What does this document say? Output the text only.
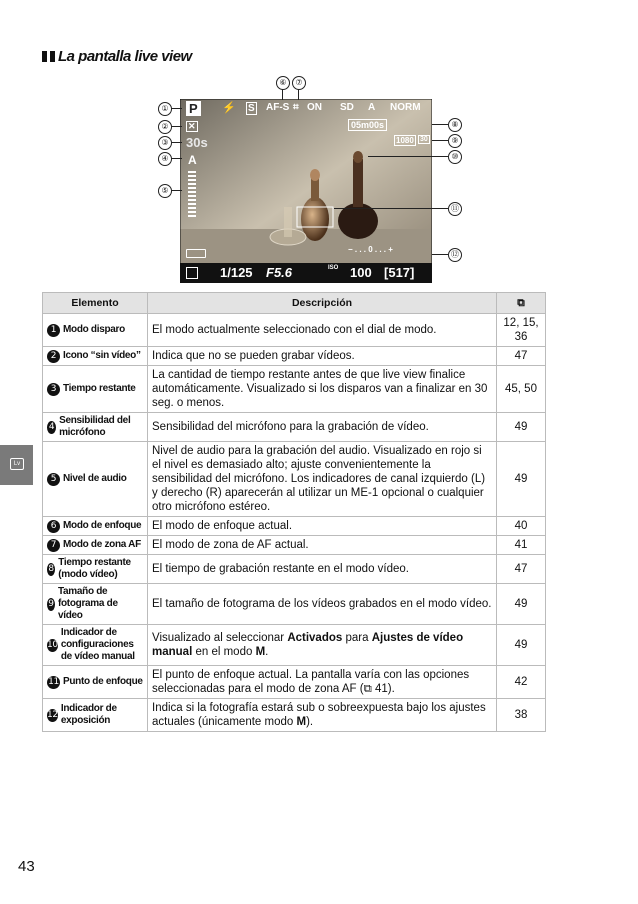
La pantalla live view
P ⚡ S AF-S ⌗ ON SD A NORM
✕
30s
A
05m00s
1080 30
− . . . 0 . . . +
1/125 F5.6	ISO 100 [517]
①
②
③
④
⑤
⑥	⑦
⑧
⑨
⑩
⑪
⑫
Elemento	Descripción	⧉

1 Modo disparo	El modo actualmente seleccionado con el dial de modo.	12, 15, 36

2 Icono “sin vídeo”	Indica que no se pueden grabar vídeos.	47

3 Tiempo restante	La cantidad de tiempo restante antes de que live view finalice automáticamente. Visualizado si los disparos van a finalizar en 30 seg. o menos.	45, 50

4
Sensibilidad del micrófono	Sensibilidad del micrófono para la grabación de vídeo.	49

5 Nivel de audio	Nivel de audio para la grabación del audio. Visualizado en rojo si el nivel es demasiado alto; ajuste convenientemente la sensibilidad del micrófono. Los indicadores de canal izquierdo (L) y derecho (R) aparecerán al utilizar un ME-1 opcional o cualquier otro micrófono estéreo.	49

6 Modo de enfoque	El modo de enfoque actual.	40

7 Modo de zona AF	El modo de zona de AF actual.	41

8
Tiempo restante (modo vídeo)	El tiempo de grabación restante en el modo vídeo.	47

9
Tamaño de fotograma de vídeo	El tamaño de fotograma de los vídeos grabados en el modo vídeo.	49

10
Indicador de configuraciones de vídeo manual	Visualizado al seleccionar Activados para Ajustes de vídeo manual en el modo M.	49

11 Punto de enfoque	El punto de enfoque actual. La pantalla varía con las opciones seleccionadas para el modo de zona AF (⧉ 41).	42

12
Indicador de exposición	Indica si la fotografía estará sub o sobreexpuesta bajo los ajustes actuales (únicamente modo M).	38
Lv
43
